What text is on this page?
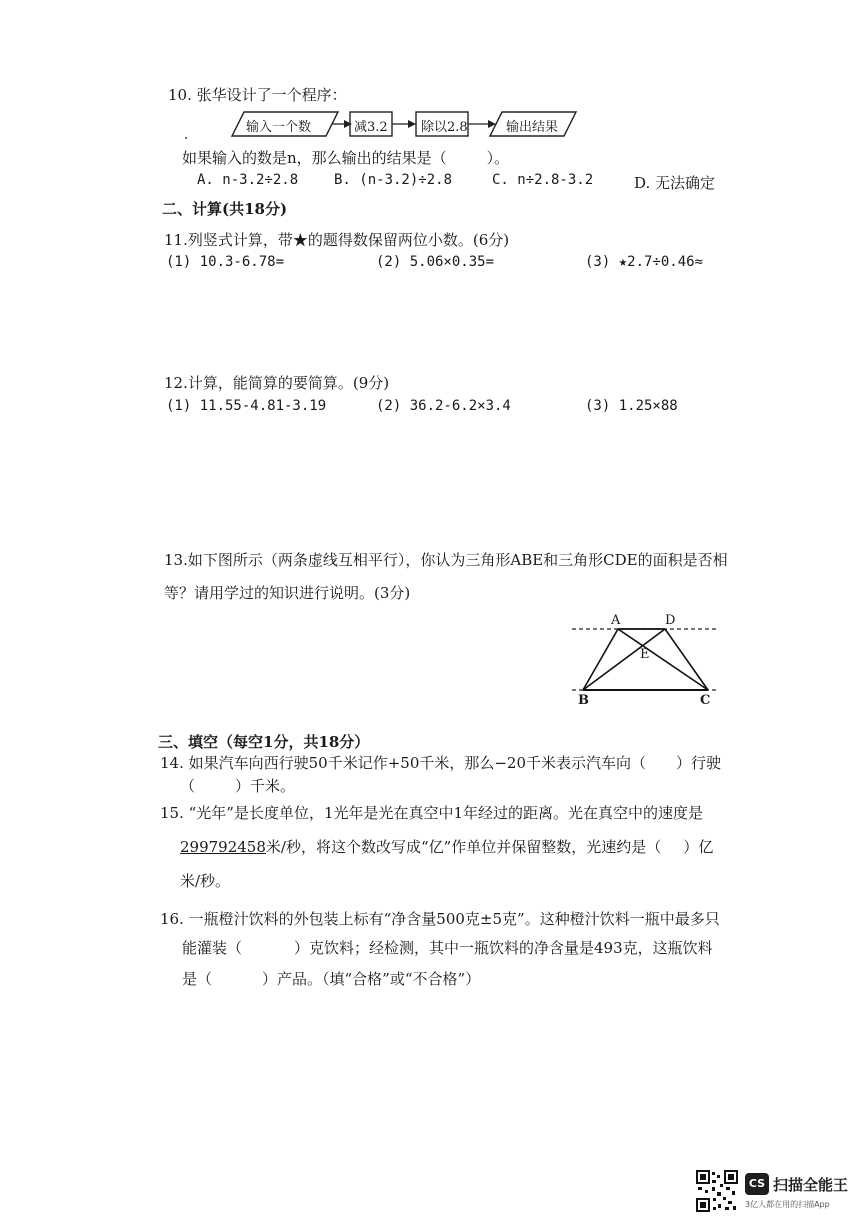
10. 张华设计了一个程序：
输入一个数	减3.2	除以2.8	输出结果
如果输入的数是n，那么输出的结果是（	）。
A. n-3.2÷2.8	B. (n-3.2)÷2.8	C. n÷2.8-3.2	D. 无法确定
二、计算(共18分)
11.列竖式计算，带★的题得数保留两位小数。(6分)
(1) 10.3-6.78=	(2) 5.06×0.35=	(3) ★2.7÷0.46≈
12.计算，能简算的要简算。(9分)
(1) 11.55-4.81-3.19	(2) 36.2-6.2×3.4	(3) 1.25×88
13.如下图所示（两条虚线互相平行），你认为三角形ABE和三角形CDE的面积是否相
等？请用学过的知识进行说明。(3分)
A	D
E
B	C
三、填空（每空1分，共18分）
14. 如果汽车向西行驶50千米记作+50千米，那么−20千米表示汽车向（ ）行驶
（	）千米。
15. “光年”是长度单位，1光年是光在真空中1年经过的距离。光在真空中的速度是
299792458米/秒，将这个数改写成“亿”作单位并保留整数，光速约是（ ）亿
米/秒。
16. 一瓶橙汁饮料的外包装上标有“净含量500克±5克”。这种橙汁饮料一瓶中最多只
能灌装（	）克饮料；经检测，其中一瓶饮料的净含量是493克，这瓶饮料
是（	）产品。（填“合格”或“不合格”）
CS 扫描全能王
3亿人都在用的扫描App
